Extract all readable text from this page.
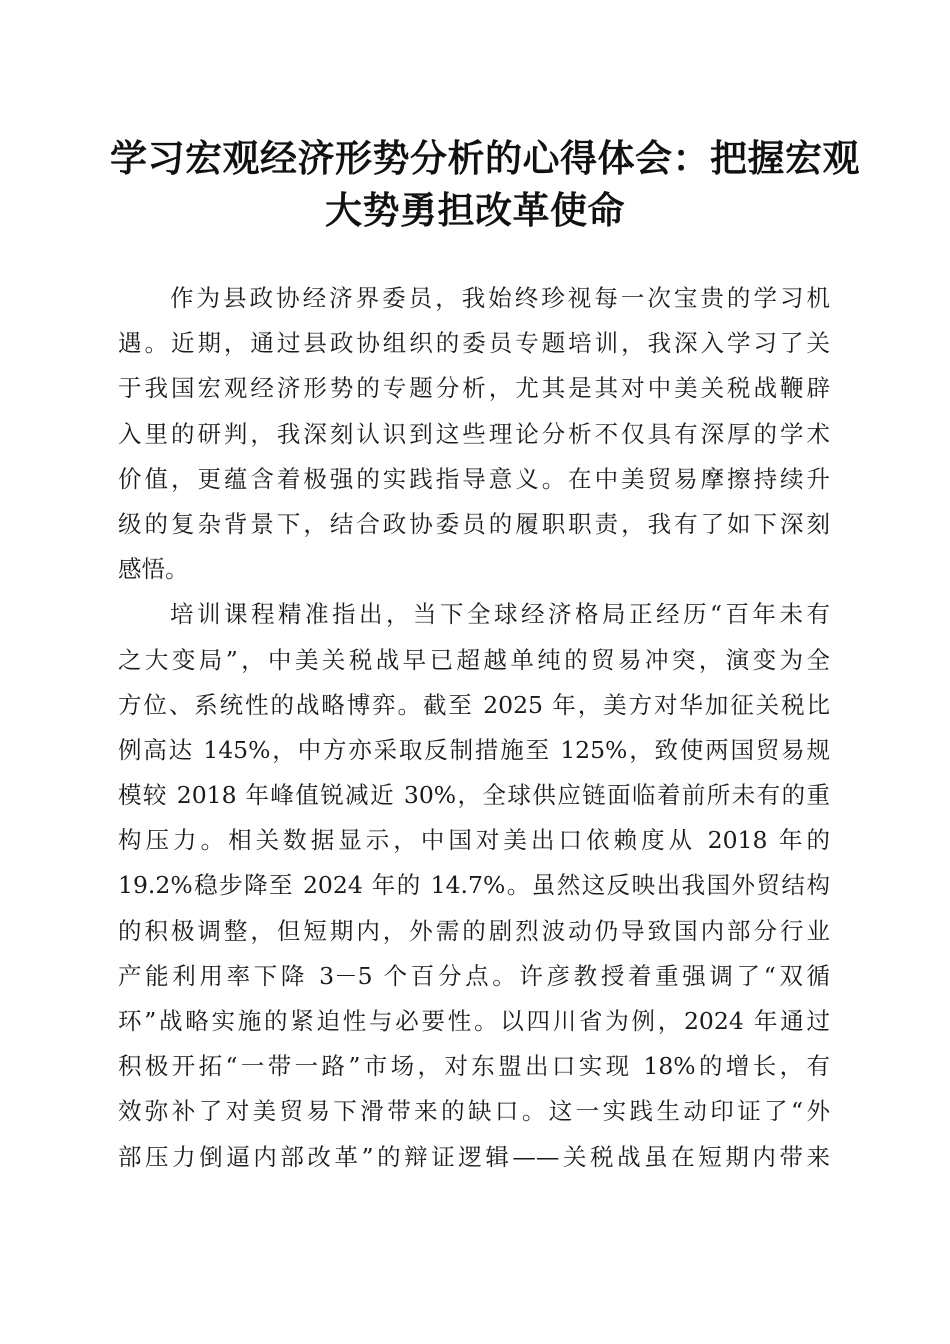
学习宏观经济形势分析的心得体会：把握宏观
大势勇担改革使命
作为县政协经济界委员，我始终珍视每一次宝贵的学习机
遇。近期，通过县政协组织的委员专题培训，我深入学习了关
于我国宏观经济形势的专题分析，尤其是其对中美关税战鞭辟
入里的研判，我深刻认识到这些理论分析不仅具有深厚的学术
价值，更蕴含着极强的实践指导意义。在中美贸易摩擦持续升
级的复杂背景下，结合政协委员的履职职责，我有了如下深刻
感悟。
培训课程精准指出，当下全球经济格局正经历“百年未有
之大变局”，中美关税战早已超越单纯的贸易冲突，演变为全
方位、系统性的战略博弈。截至 2025 年，美方对华加征关税比
例高达 145%，中方亦采取反制措施至 125%，致使两国贸易规
模较 2018 年峰值锐减近 30%，全球供应链面临着前所未有的重
构压力。相关数据显示，中国对美出口依赖度从 2018 年的
19.2%稳步降至 2024 年的 14.7%。虽然这反映出我国外贸结构
的积极调整，但短期内，外需的剧烈波动仍导致国内部分行业
产能利用率下降 3－5 个百分点。许彦教授着重强调了“双循
环”战略实施的紧迫性与必要性。以四川省为例，2024 年通过
积极开拓“一带一路”市场，对东盟出口实现 18%的增长，有
效弥补了对美贸易下滑带来的缺口。这一实践生动印证了“外
部压力倒逼内部改革”的辩证逻辑——关税战虽在短期内带来
